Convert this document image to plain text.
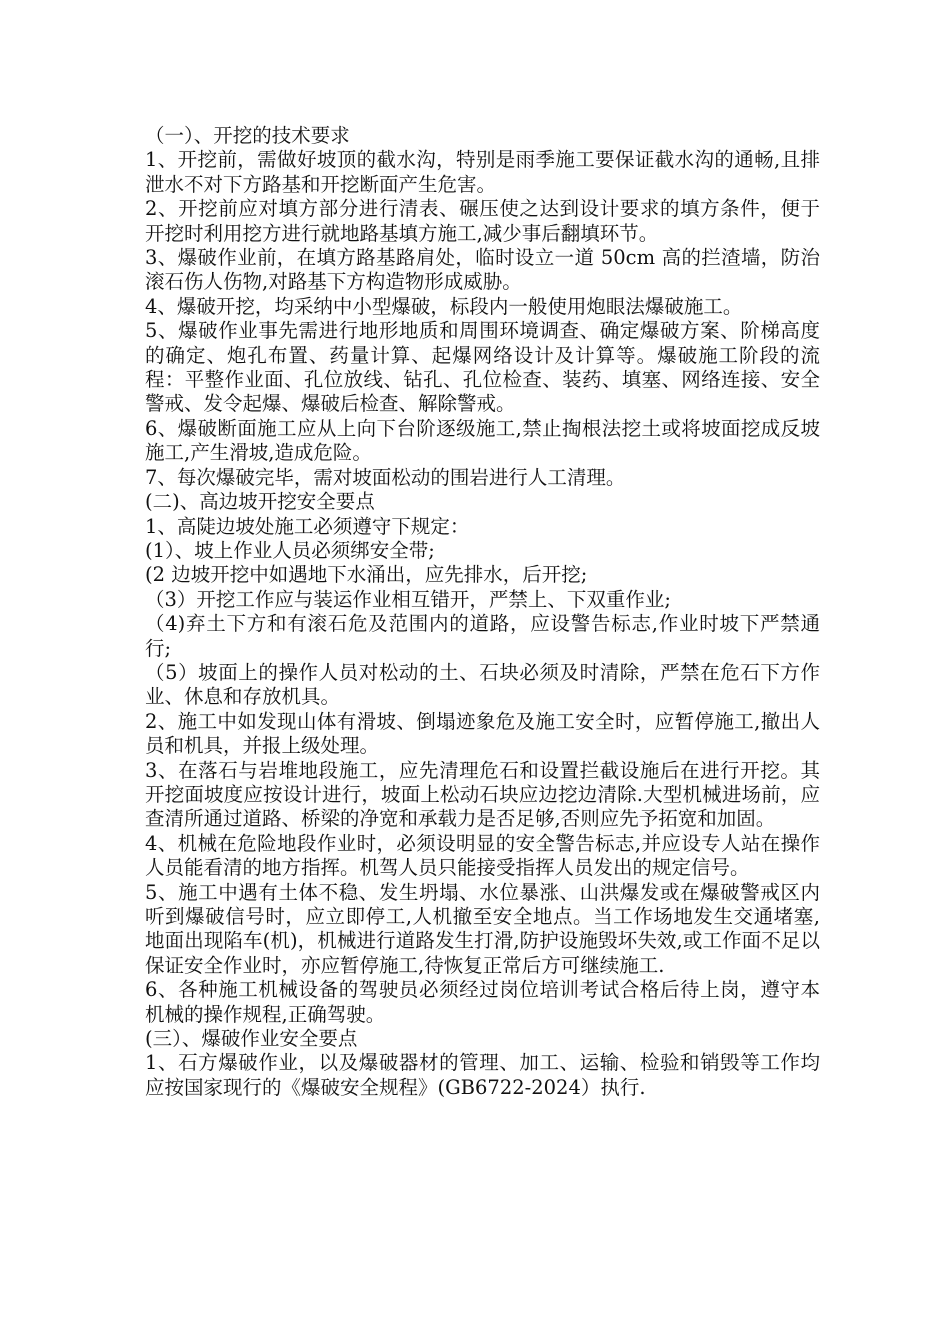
（一）、开挖的技术要求

1、开挖前，需做好坡顶的截水沟，特别是雨季施工要保证截水沟的通畅,且排泄水不对下方路基和开挖断面产生危害。

2、开挖前应对填方部分进行清表、碾压使之达到设计要求的填方条件，便于开挖时利用挖方进行就地路基填方施工,减少事后翻填环节。

3、爆破作业前，在填方路基路肩处，临时设立一道 50cm 高的拦渣墙，防治滚石伤人伤物,对路基下方构造物形成威胁。

4、爆破开挖，均采纳中小型爆破，标段内一般使用炮眼法爆破施工。

5、爆破作业事先需进行地形地质和周围环境调查、确定爆破方案、阶梯高度的确定、炮孔布置、药量计算、起爆网络设计及计算等。爆破施工阶段的流程：平整作业面、孔位放线、钻孔、孔位检查、装药、填塞、网络连接、安全警戒、发令起爆、爆破后检查、解除警戒。

6、爆破断面施工应从上向下台阶逐级施工,禁止掏根法挖土或将坡面挖成反坡施工,产生滑坡,造成危险。

7、每次爆破完毕，需对坡面松动的围岩进行人工清理。

(二)、高边坡开挖安全要点

1、高陡边坡处施工必须遵守下规定：

(1）、坡上作业人员必须绑安全带;

(2 边坡开挖中如遇地下水涌出，应先排水，后开挖;

（3）开挖工作应与装运作业相互错开，严禁上、下双重作业;

（4)弃土下方和有滚石危及范围内的道路，应设警告标志,作业时坡下严禁通行;

（5）坡面上的操作人员对松动的土、石块必须及时清除，严禁在危石下方作业、休息和存放机具。

2、施工中如发现山体有滑坡、倒塌迹象危及施工安全时，应暂停施工,撤出人员和机具，并报上级处理。

3、在落石与岩堆地段施工，应先清理危石和设置拦截设施后在进行开挖。其开挖面坡度应按设计进行，坡面上松动石块应边挖边清除.大型机械进场前，应查清所通过道路、桥梁的净宽和承载力是否足够,否则应先予拓宽和加固。

4、机械在危险地段作业时，必须设明显的安全警告标志,并应设专人站在操作人员能看清的地方指挥。机驾人员只能接受指挥人员发出的规定信号。

5、施工中遇有土体不稳、发生坍塌、水位暴涨、山洪爆发或在爆破警戒区内听到爆破信号时，应立即停工,人机撤至安全地点。当工作场地发生交通堵塞,地面出现陷车(机)，机械进行道路发生打滑,防护设施毁坏失效,或工作面不足以保证安全作业时，亦应暂停施工,待恢复正常后方可继续施工.

6、各种施工机械设备的驾驶员必须经过岗位培训考试合格后待上岗，遵守本机械的操作规程,正确驾驶。

(三）、爆破作业安全要点

1、石方爆破作业，以及爆破器材的管理、加工、运输、检验和销毁等工作均应按国家现行的《爆破安全规程》(GB6722-2024）执行.
